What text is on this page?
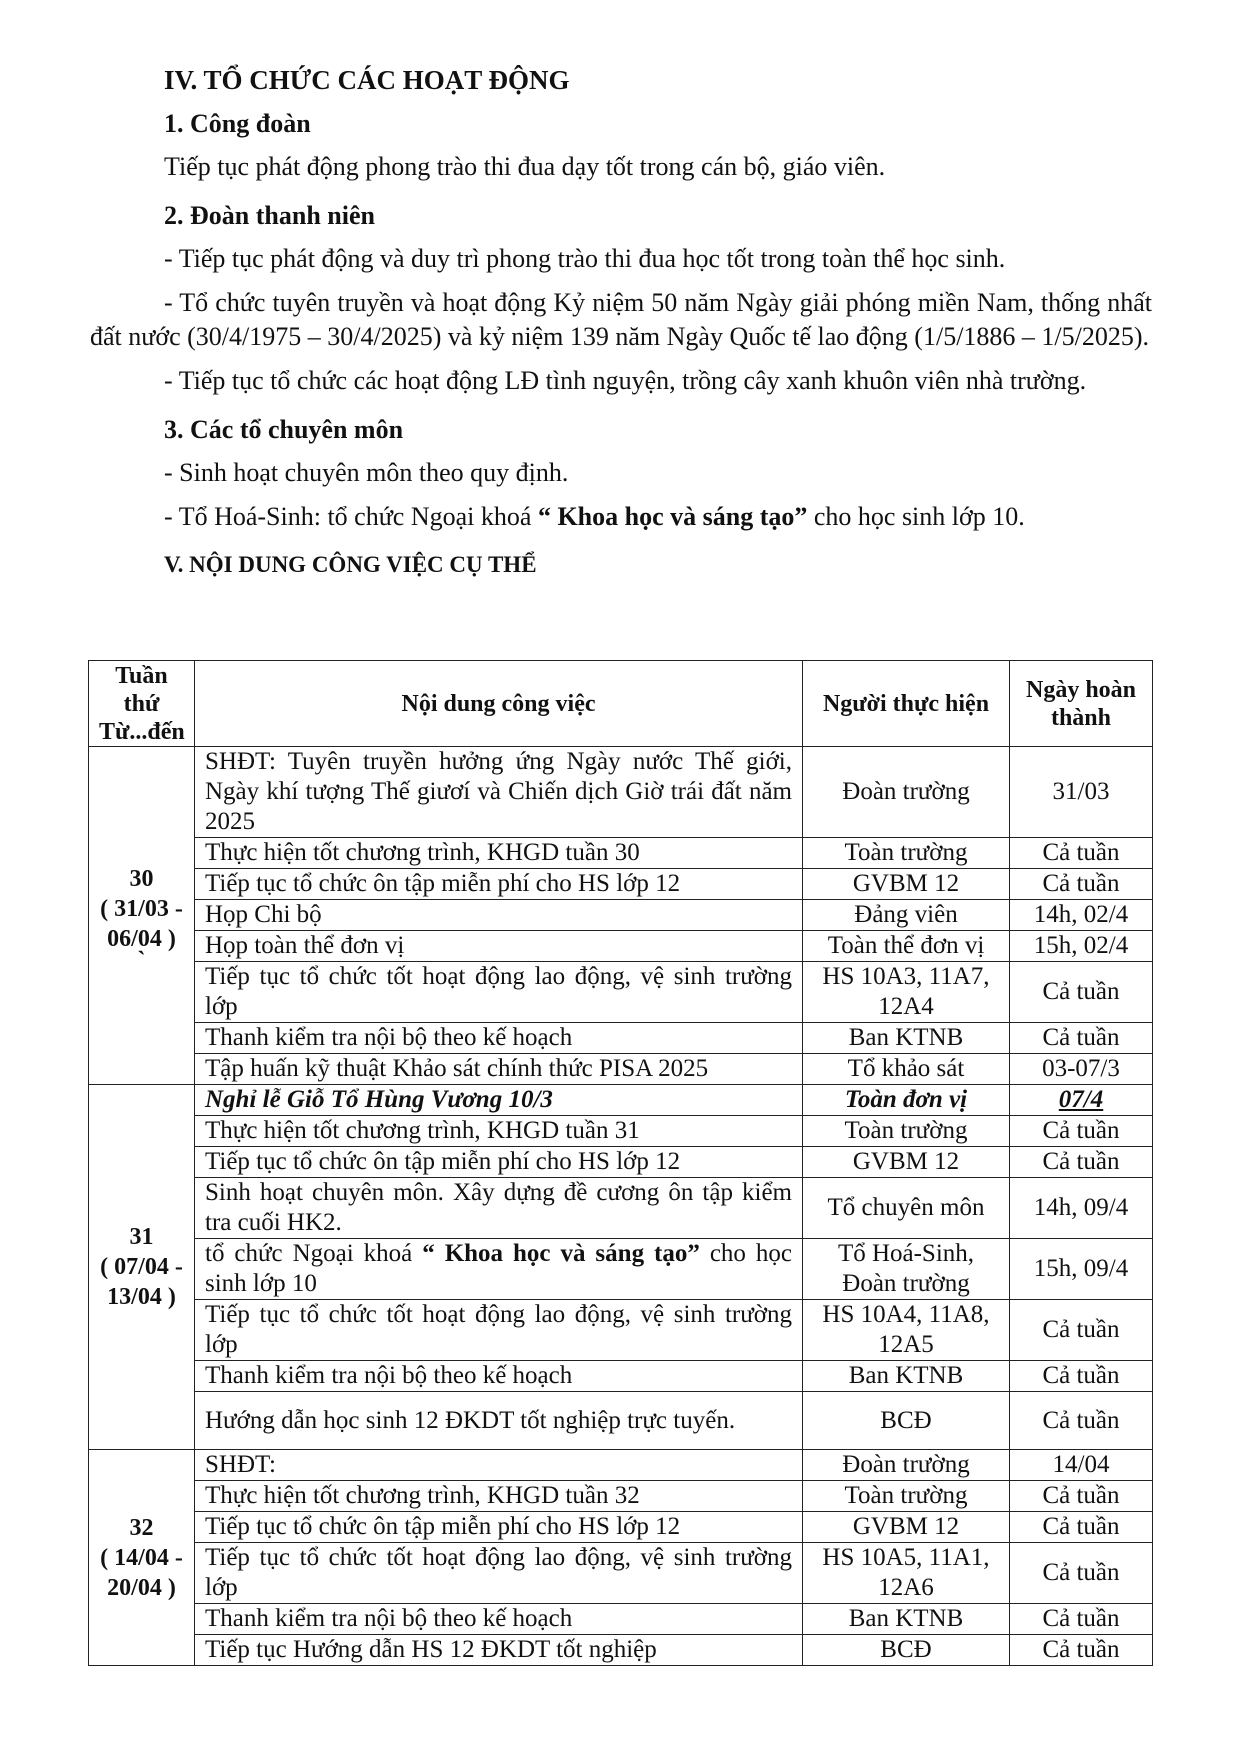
IV. TỔ CHỨC CÁC HOẠT ĐỘNG
1. Công đoàn

Tiếp tục phát động phong trào thi đua dạy tốt trong cán bộ, giáo viên.

2. Đoàn thanh niên

- Tiếp tục phát động và duy trì phong trào thi đua học tốt trong toàn thể học sinh.

- Tổ chức tuyên truyền và hoạt động Kỷ niệm 50 năm Ngày giải phóng miền Nam, thống nhất đất nước (30/4/1975 – 30/4/2025) và kỷ niệm 139 năm Ngày Quốc tế lao động (1/5/1886 – 1/5/2025).

- Tiếp tục tổ chức các hoạt động LĐ tình nguyện, trồng cây xanh khuôn viên nhà trường.

3. Các tổ chuyên môn

- Sinh hoạt chuyên môn theo quy định.

- Tổ Hoá-Sinh: tổ chức Ngoại khoá “ Khoa học và sáng tạo” cho học sinh lớp 10.

V. NỘI DUNG CÔNG VIỆC CỤ THỂ
Tuần thứ Từ...đến	Nội dung công việc	Người thực hiện	Ngày hoàn thành

30
( 31/03 - 06/04 )
`	SHĐT: Tuyên truyền hưởng ứng Ngày nước Thế giới, Ngày khí tượng Thế giươí và Chiến dịch Giờ trái đất năm 2025	Đoàn trường	31/03
	Thực hiện tốt chương trình, KHGD tuần 30	Toàn trường	Cả tuần
	Tiếp tục tổ chức ôn tập miễn phí cho HS lớp 12	GVBM 12	Cả tuần
	Họp Chi bộ	Đảng viên	14h, 02/4
	Họp toàn thể đơn vị	Toàn thể đơn vị	15h, 02/4
	Tiếp tục tổ chức tốt hoạt động lao động, vệ sinh trường lớp	HS 10A3, 11A7, 12A4	Cả tuần
	Thanh kiểm tra nội bộ theo kế hoạch	Ban KTNB	Cả tuần
	Tập huấn kỹ thuật Khảo sát chính thức PISA 2025	Tổ khảo sát	03-07/3

31
( 07/04 - 13/04 )	Nghỉ lễ Giỗ Tổ Hùng Vương 10/3	Toàn đơn vị	07/4
	Thực hiện tốt chương trình, KHGD tuần 31	Toàn trường	Cả tuần
	Tiếp tục tổ chức ôn tập miễn phí cho HS lớp 12	GVBM 12	Cả tuần
	Sinh hoạt chuyên môn. Xây dựng đề cương ôn tập kiểm tra cuối HK2.	Tổ chuyên môn	14h, 09/4
	tổ chức Ngoại khoá “ Khoa học và sáng tạo” cho học sinh lớp 10	Tổ Hoá-Sinh, Đoàn trường	15h, 09/4
	Tiếp tục tổ chức tốt hoạt động lao động, vệ sinh trường lớp	HS 10A4, 11A8, 12A5	Cả tuần
	Thanh kiểm tra nội bộ theo kế hoạch	Ban KTNB	Cả tuần
	Hướng dẫn học sinh 12 ĐKDT tốt nghiệp trực tuyến.	BCĐ	Cả tuần

32
( 14/04 - 20/04 )	SHĐT:	Đoàn trường	14/04
	Thực hiện tốt chương trình, KHGD tuần 32	Toàn trường	Cả tuần
	Tiếp tục tổ chức ôn tập miễn phí cho HS lớp 12	GVBM 12	Cả tuần
	Tiếp tục tổ chức tốt hoạt động lao động, vệ sinh trường lớp	HS 10A5, 11A1, 12A6	Cả tuần
	Thanh kiểm tra nội bộ theo kế hoạch	Ban KTNB	Cả tuần
	Tiếp tục Hướng dẫn HS 12 ĐKDT tốt nghiệp	BCĐ	Cả tuần
